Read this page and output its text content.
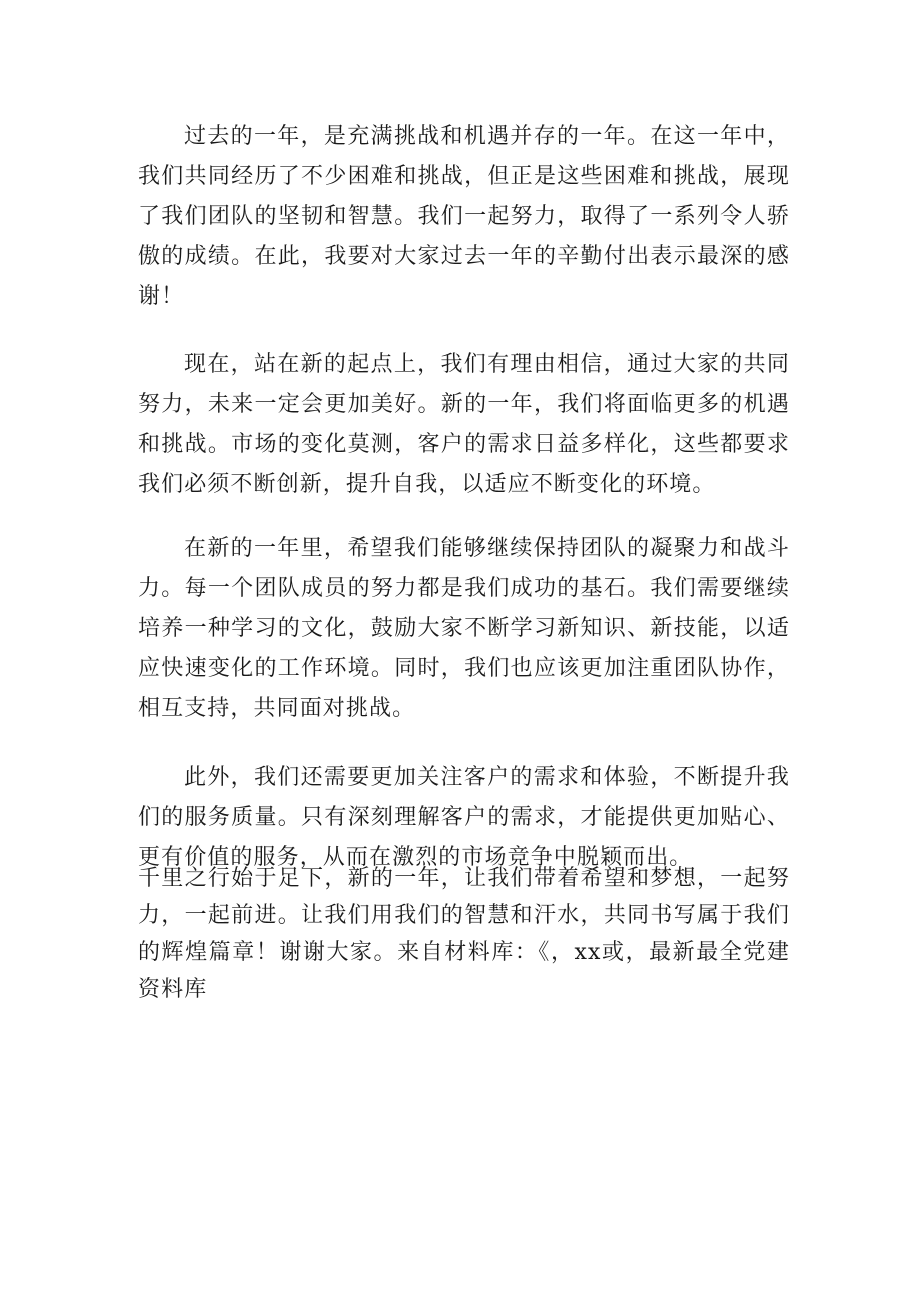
过去的一年，是充满挑战和机遇并存的一年。在这一年中，我们共同经历了不少困难和挑战，但正是这些困难和挑战，展现了我们团队的坚韧和智慧。我们一起努力，取得了一系列令人骄傲的成绩。在此，我要对大家过去一年的辛勤付出表示最深的感谢！

现在，站在新的起点上，我们有理由相信，通过大家的共同努力，未来一定会更加美好。新的一年，我们将面临更多的机遇和挑战。市场的变化莫测，客户的需求日益多样化，这些都要求我们必须不断创新，提升自我，以适应不断变化的环境。

在新的一年里，希望我们能够继续保持团队的凝聚力和战斗力。每一个团队成员的努力都是我们成功的基石。我们需要继续培养一种学习的文化，鼓励大家不断学习新知识、新技能，以适应快速变化的工作环境。同时，我们也应该更加注重团队协作，相互支持，共同面对挑战。

此外，我们还需要更加关注客户的需求和体验，不断提升我们的服务质量。只有深刻理解客户的需求，才能提供更加贴心、更有价值的服务，从而在激烈的市场竞争中脱颖而出。

千里之行始于足下，新的一年，让我们带着希望和梦想，一起努力，一起前进。让我们用我们的智慧和汗水，共同书写属于我们的辉煌篇章！谢谢大家。来自材料库：《，xx或，最新最全党建资料库
